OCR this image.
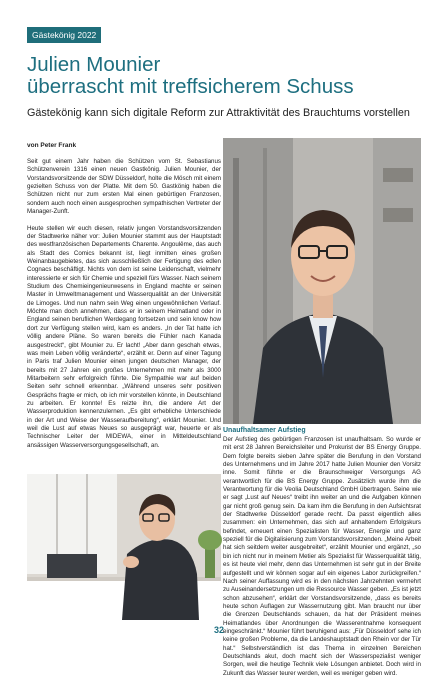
Gästekönig 2022
Julien Mounier
überrascht mit treffsicherem Schuss
Gästekönig kann sich digitale Reform zur Attraktivität des Brauchtums vorstellen
von Peter Frank

Seit gut einem Jahr haben die Schützen vom St. Sebastianus Schützenverein 1316 einen neuen Gastkönig. Julien Mounier, der Vorstandsvorsitzende der SDW Düsseldorf, holte die Mösch mit einem gezielten Schuss von der Platte. Mit dem 50. Gastkönig haben die Schützen nicht nur zum ersten Mal einen gebürtigen Franzosen, sondern auch noch einen ausgesprochen sympathischen Vertreter der Manager-Zunft.

Heute stellen wir euch diesen, relativ jungen Vorstandsvorsitzenden der Stadtwerke näher vor: Julien Mounier stammt aus der Hauptstadt des westfranzösischen Departements Charente. Angoulême, das auch als Stadt des Comics bekannt ist, liegt inmitten eines großen Weinanbaugebietes, das sich ausschließlich der Fertigung des edlen Cognacs beschäftigt. Nichts von dem ist seine Leidenschaft, vielmehr interessierte er sich für Chemie und speziell fürs Wasser. Nach seinem Studium des Chemieingenieurwesens in England machte er seinen Master in Umweltmanagement und Wasserqualität an der Universität de Limoges. Und nun nahm sein Weg einen ungewöhnlichen Verlauf. Möchte man doch annehmen, dass er in seinem Heimatland oder in England seinen beruflichen Werdegang fortsetzen und sein know how dort zur Verfügung stellen wird, kam es anders. „In der Tat hatte ich völlig andere Pläne. So waren bereits die Fühler nach Kanada ausgestreckt“, gibt Mounier zu. Er lacht! „Aber dann geschah etwas, was mein Leben völlig veränderte“, erzählt er. Denn auf einer Tagung in Paris traf Julien Mounier einen jungen deutschen Manager, der bereits mit 27 Jahren ein großes Unternehmen mit mehr als 3000 Mitarbeitern sehr erfolgreich führte. Die Sympathie war auf beiden Seiten sehr schnell erkennbar. „Während unseres sehr positiven Gesprächs fragte er mich, ob ich mir vorstellen könnte, in Deutschland zu arbeiten. Er konnte! Es reizte ihn, die andere Art der Wasserproduktion kennenzulernen. „Es gibt erhebliche Unterschiede in der Art und Weise der Wasseraufbereitung“, erklärt Mounier. Und weil die Lust auf etwas Neues so ausgeprägt war, heuerte er als Technischer Leiter der MIDEWA, einer in Mitteldeutschland ansässigen Wasserversorgungsgesellschaft, an.

Unaufhaltsamer Aufstieg

Der Aufstieg des gebürtigen Franzosen ist unaufhaltsam. So wurde er mit erst 28 Jahren Bereichsleiter und Prokurist der BS Energy Gruppe. Dem folgte bereits sieben Jahre später die Berufung in den Vorstand des Unternehmens und im Jahre 2017 hatte Julien Mounier den Vorsitz inne. Somit führte er die Braunschweiger Versorgungs AG verantwortlich für die BS Energy Gruppe. Zusätzlich wurde ihm die Verantwortung für die Veolia Deutschland GmbH übertragen. Seine wie er sagt „Lust auf Neues“ treibt ihn weiter an und die Aufgaben können gar nicht groß genug sein. Da kam ihm die Berufung in den Aufsichtsrat der Stadtwerke Düsseldorf gerade recht. Da passt eigentlich alles zusammen: ein Unternehmen, das sich auf anhaltendem Erfolgskurs befindet, erneuert einen Spezialisten für Wasser, Energie und ganz speziell für die Digitalisierung zum Vorstandsvorsitzenden. „Meine Arbeit hat sich seitdem weiter ausgebreitet“, erzählt Mounier und ergänzt, „so bin ich nicht nur in meinem Metier als Spezialist für Wasserqualität tätig, es ist heute viel mehr, denn das Unternehmen ist sehr gut in der Breite aufgestellt und wir können sogar auf ein eigenes Labor zurückgreifen.“ Nach seiner Auffassung wird es in den nächsten Jahrzehnten vermehrt zu Auseinandersetzungen um die Ressource Wasser geben. „Es ist jetzt schon abzusehen“, erklärt der Vorstandsvorsitzende, „dass es bereits heute schon Auflagen zur Wassernutzung gibt. Man braucht nur über die Grenzen Deutschlands schauen, da hat der Präsident meines Heimatlandes über Anordnungen die Wasserentnahme konsequent eingeschränkt.“ Mounier führt beruhigend aus: „Für Düsseldorf sehe ich keine großen Probleme, da die Landeshauptstadt den Rhein vor der Tür hat.“ Selbstverständlich ist das Thema in einzelnen Bereichen Deutschlands akut, doch macht sich der Wasserspezialist weniger Sorgen, weil die heutige Technik viele Lösungen anbietet. Doch wird in Zukunft das Wasser teurer werden, weil es weniger geben wird.

32
